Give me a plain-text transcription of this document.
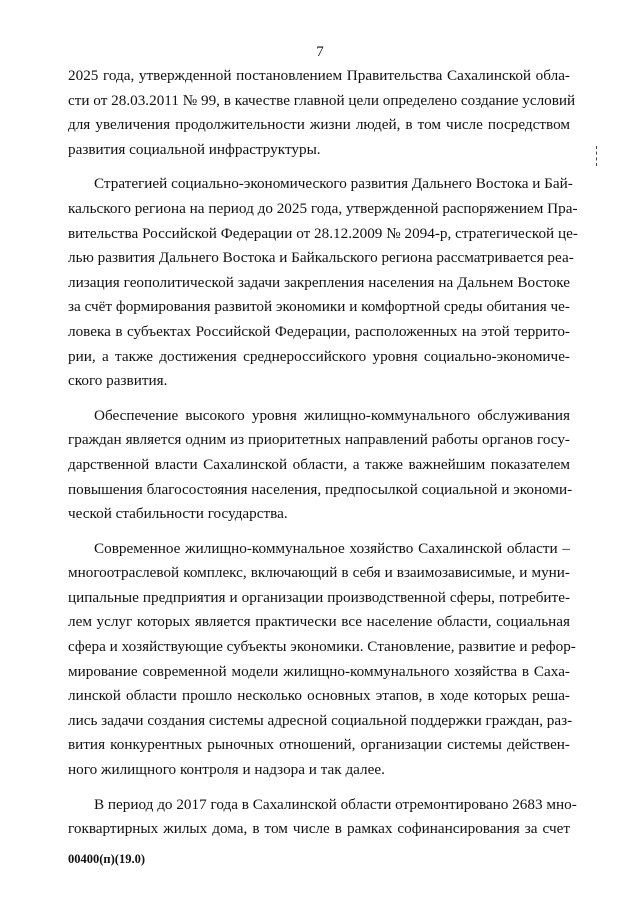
7
2025 года, утвержденной постановлением Правительства Сахалинской обла-
сти от 28.03.2011 № 99, в качестве главной цели определено создание условий
для увеличения продолжительности жизни людей, в том числе посредством
развития социальной инфраструктуры.
Стратегией социально-экономического развития Дальнего Востока и Бай-
кальского региона на период до 2025 года, утвержденной распоряжением Пра-
вительства Российской Федерации от 28.12.2009 № 2094-р, стратегической це-
лью развития Дальнего Востока и Байкальского региона рассматривается реа-
лизация геополитической задачи закрепления населения на Дальнем Востоке
за счёт формирования развитой экономики и комфортной среды обитания че-
ловека в субъектах Российской Федерации, расположенных на этой террито-
рии, а также достижения среднероссийского уровня социально-экономиче-
ского развития.
Обеспечение высокого уровня жилищно-коммунального обслуживания
граждан является одним из приоритетных направлений работы органов госу-
дарственной власти Сахалинской области, а также важнейшим показателем
повышения благосостояния населения, предпосылкой социальной и экономи-
ческой стабильности государства.
Современное жилищно-коммунальное хозяйство Сахалинской области –
многоотраслевой комплекс, включающий в себя и взаимозависимые, и муни-
ципальные предприятия и организации производственной сферы, потребите-
лем услуг которых является практически все население области, социальная
сфера и хозяйствующие субъекты экономики. Становление, развитие и рефор-
мирование современной модели жилищно-коммунального хозяйства в Саха-
линской области прошло несколько основных этапов, в ходе которых реша-
лись задачи создания системы адресной социальной поддержки граждан, раз-
вития конкурентных рыночных отношений, организации системы действен-
ного жилищного контроля и надзора и так далее.
В период до 2017 года в Сахалинской области отремонтировано 2683 мно-
гоквартирных жилых дома, в том числе в рамках софинансирования за счет
00400(п)(19.0)
